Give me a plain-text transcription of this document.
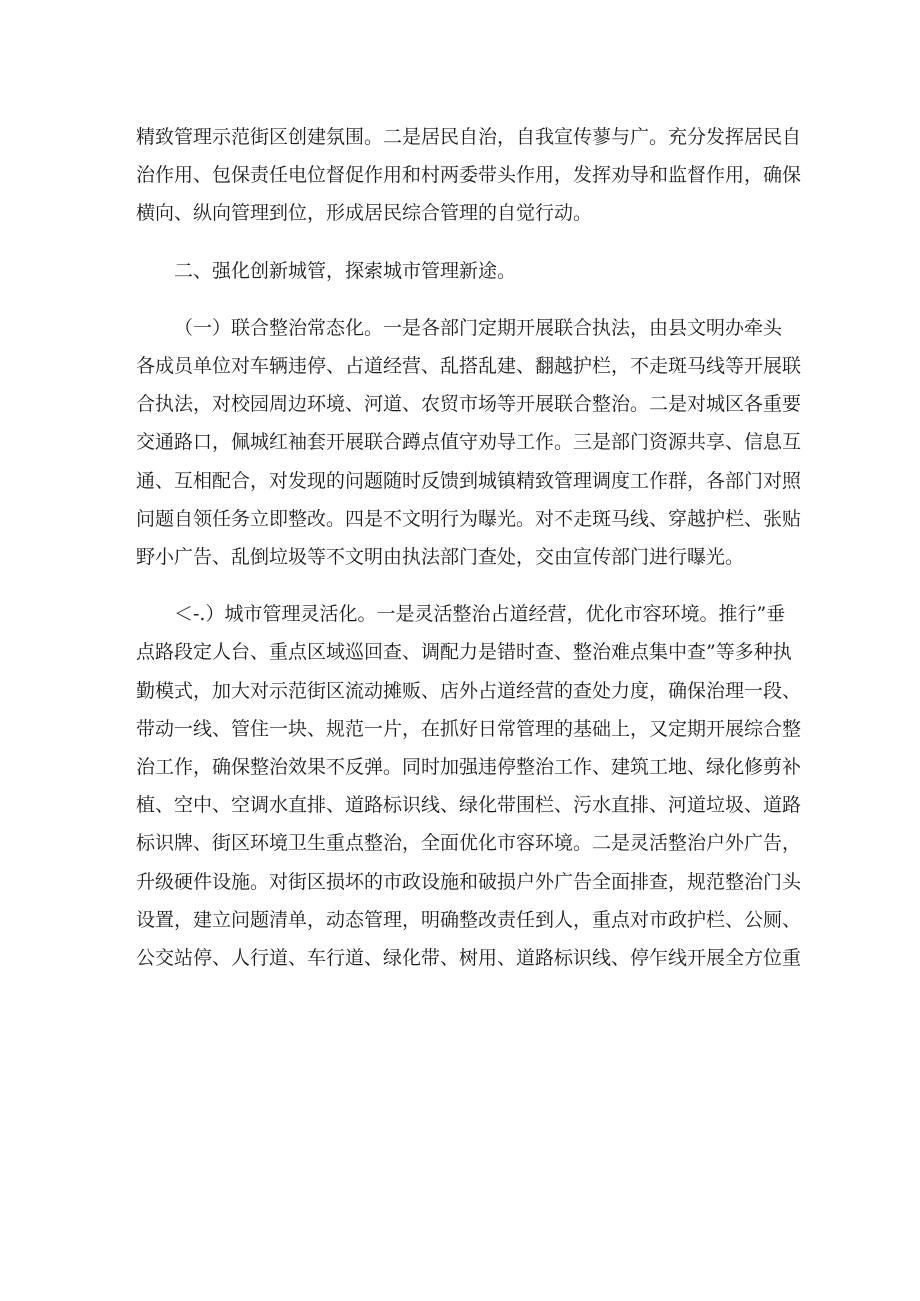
精致管理示范街区创建氛围。二是居民自治，自我宣传蓼与广。充分发挥居民自
治作用、包保责任电位督促作用和村两委带头作用，发挥劝导和监督作用，确保
横向、纵向管理到位，形成居民综合管理的自觉行动。
二、强化创新城管，探索城市管理新途。
（一）联合整治常态化。一是各部门定期开展联合执法，由县文明办牵头
各成员单位对车辆违停、占道经营、乱搭乱建、翻越护栏，不走斑马线等开展联
合执法，对校园周边环境、河道、农贸市场等开展联合整治。二是对城区各重要
交通路口，佩城红袖套开展联合蹲点值守劝导工作。三是部门资源共享、信息互
通、互相配合，对发现的问题随时反馈到城镇精致管理调度工作群，各部门对照
问题自领任务立即整改。四是不文明行为曝光。对不走斑马线、穿越护栏、张贴
野小广告、乱倒垃圾等不文明由执法部门查处，交由宣传部门进行曝光。
＜-.）城市管理灵活化。一是灵活整治占道经营，优化市容环境。推行”垂
点路段定人台、重点区域巡回查、调配力是错时查、整治难点集中查”等多种执
勤模式，加大对示范街区流动摊贩、店外占道经营的查处力度，确保治理一段、
带动一线、管住一块、规范一片，在抓好日常管理的基础上，又定期开展综合整
治工作，确保整治效果不反弹。同时加强违停整治工作、建筑工地、绿化修剪补
植、空中、空调水直排、道路标识线、绿化带围栏、污水直排、河道垃圾、道路
标识牌、街区环境卫生重点整治，全面优化市容环境。二是灵活整治户外广告，
升级硬件设施。对街区损坏的市政设施和破损户外广告全面排查，规范整治门头
设置，建立问题清单，动态管理，明确整改责任到人，重点对市政护栏、公厕、
公交站停、人行道、车行道、绿化带、树用、道路标识线、停乍线开展全方位重
